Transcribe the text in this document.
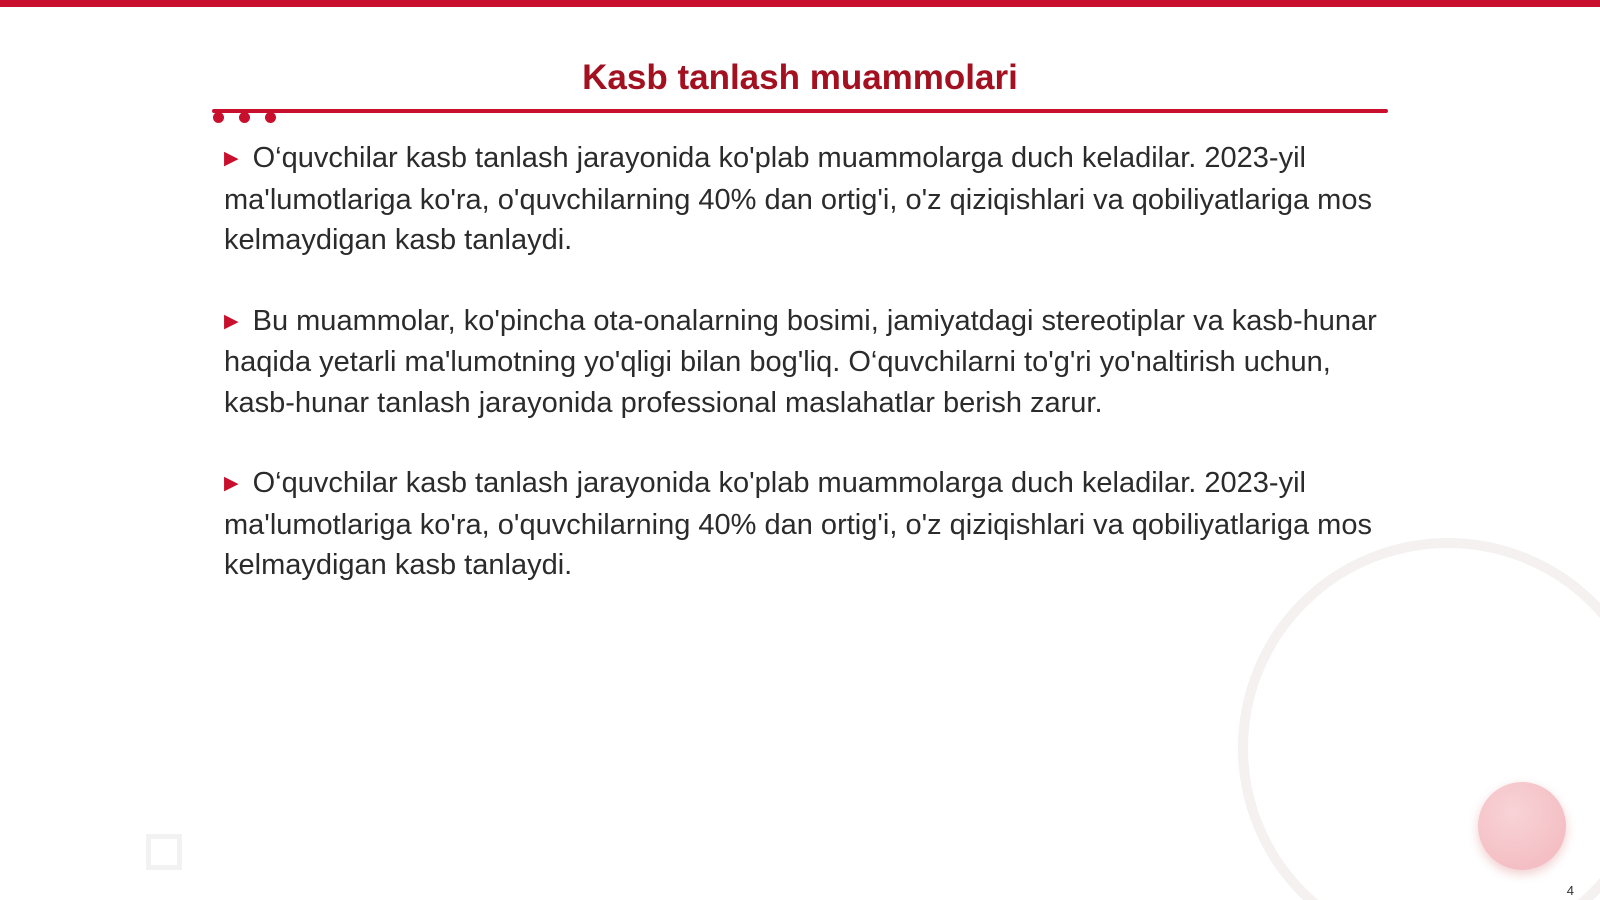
Kasb tanlash muammolari

▶ O‘quvchilar kasb tanlash jarayonida ko'plab muammolarga duch keladilar. 2023-yil ma'lumotlariga ko'ra, o'quvchilarning 40% dan ortig'i, o'z qiziqishlari va qobiliyatlariga mos kelmaydigan kasb tanlaydi.

▶ Bu muammolar, ko'pincha ota-onalarning bosimi, jamiyatdagi stereotiplar va kasb-hunar haqida yetarli ma'lumotning yo'qligi bilan bog'liq. O‘quvchilarni to'g'ri yo'naltirish uchun, kasb-hunar tanlash jarayonida professional maslahatlar berish zarur.

▶ O‘quvchilar kasb tanlash jarayonida ko'plab muammolarga duch keladilar. 2023-yil ma'lumotlariga ko'ra, o'quvchilarning 40% dan ortig'i, o'z qiziqishlari va qobiliyatlariga mos kelmaydigan kasb tanlaydi.

4
